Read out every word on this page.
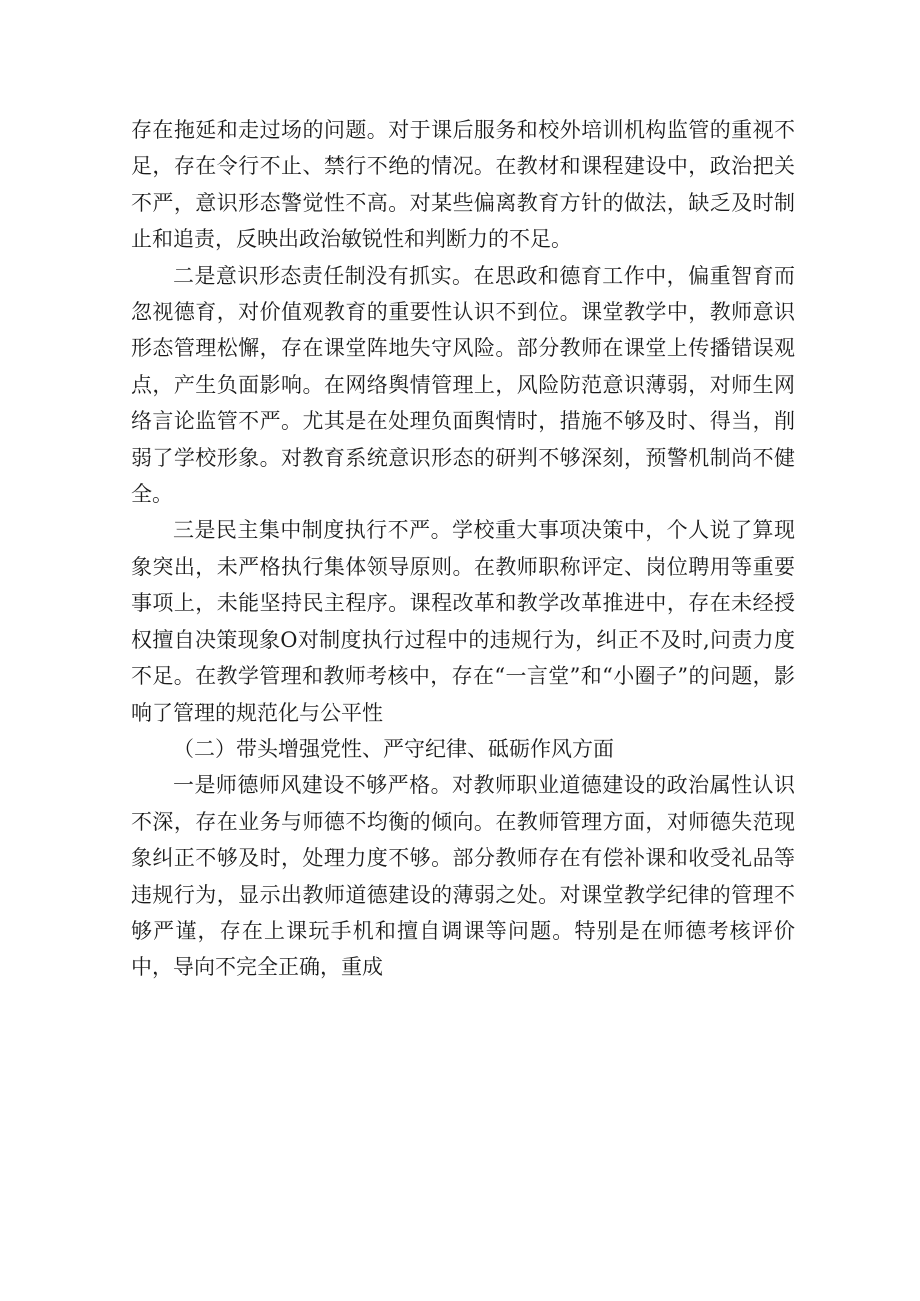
存在拖延和走过场的问题。对于课后服务和校外培训机构监管的重视不足，存在令行不止、禁行不绝的情况。在教材和课程建设中，政治把关不严，意识形态警觉性不高。对某些偏离教育方针的做法，缺乏及时制止和追责，反映出政治敏锐性和判断力的不足。

二是意识形态责任制没有抓实。在思政和德育工作中，偏重智育而忽视德育，对价值观教育的重要性认识不到位。课堂教学中，教师意识形态管理松懈，存在课堂阵地失守风险。部分教师在课堂上传播错误观点，产生负面影响。在网络舆情管理上，风险防范意识薄弱，对师生网络言论监管不严。尤其是在处理负面舆情时，措施不够及时、得当，削弱了学校形象。对教育系统意识形态的研判不够深刻，预警机制尚不健全。

三是民主集中制度执行不严。学校重大事项决策中，个人说了算现象突出，未严格执行集体领导原则。在教师职称评定、岗位聘用等重要事项上，未能坚持民主程序。课程改革和教学改革推进中，存在未经授权擅自决策现象O对制度执行过程中的违规行为，纠正不及时,问责力度不足。在教学管理和教师考核中，存在“一言堂”和“小圈子”的问题，影响了管理的规范化与公平性

（二）带头增强党性、严守纪律、砥砺作风方面

一是师德师风建设不够严格。对教师职业道德建设的政治属性认识不深，存在业务与师德不均衡的倾向。在教师管理方面，对师德失范现象纠正不够及时，处理力度不够。部分教师存在有偿补课和收受礼品等违规行为，显示出教师道德建设的薄弱之处。对课堂教学纪律的管理不够严谨，存在上课玩手机和擅自调课等问题。特别是在师德考核评价中，导向不完全正确，重成
